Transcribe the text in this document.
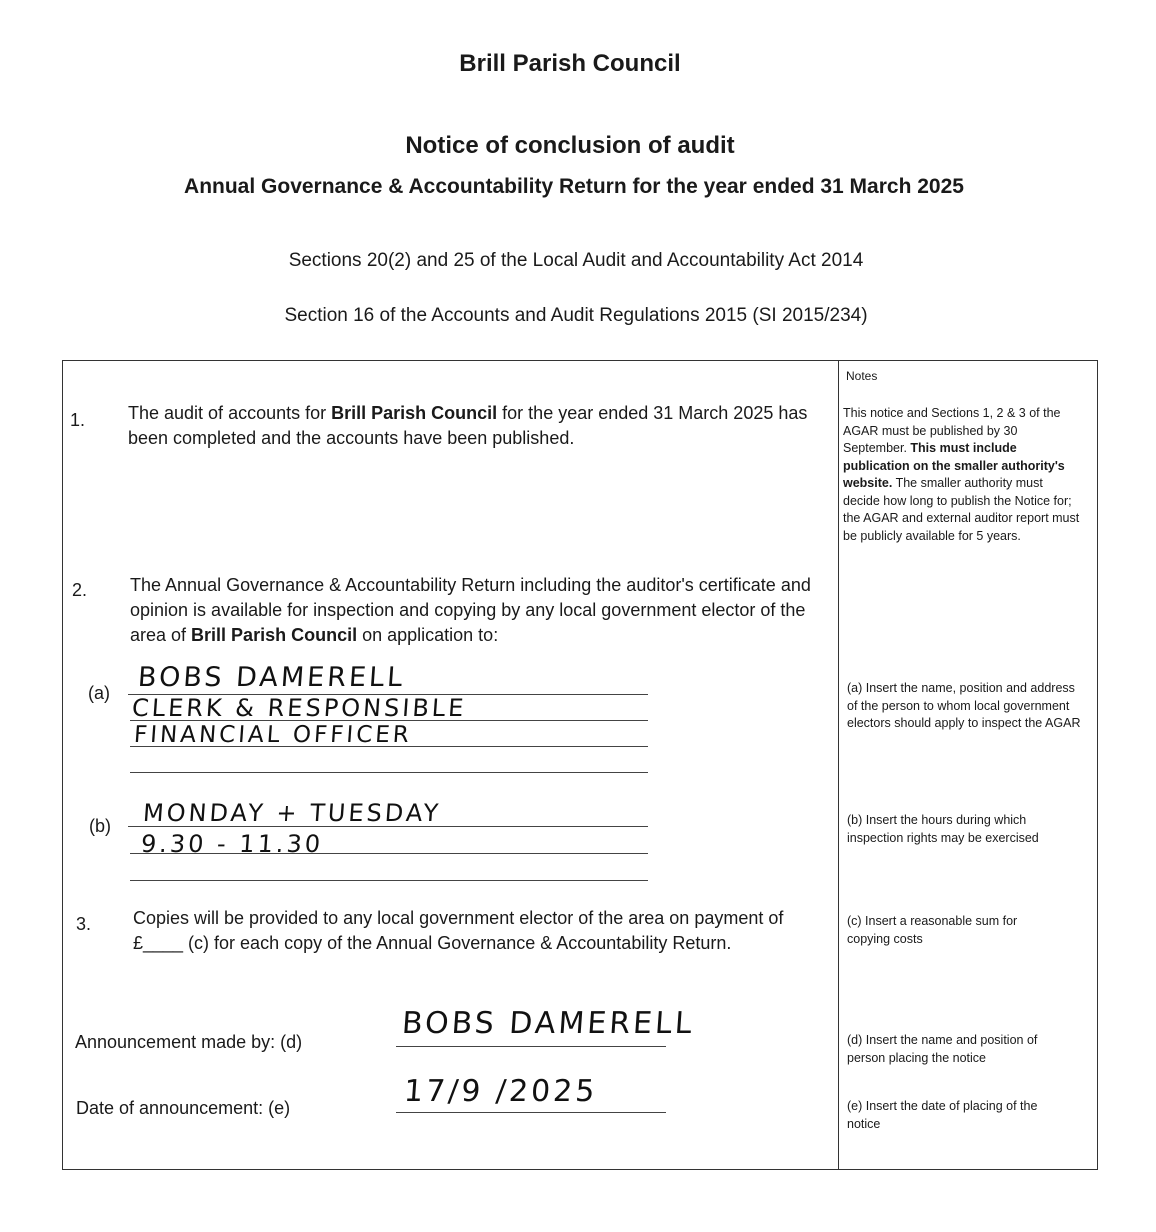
Brill Parish Council
Notice of conclusion of audit
Annual Governance & Accountability Return for the year ended 31 March 2025
Sections 20(2) and 25 of the Local Audit and Accountability Act 2014
Section 16 of the Accounts and Audit Regulations 2015 (SI 2015/234)
Notes
This notice and Sections 1, 2 & 3 of the AGAR must be published by 30 September. This must include publication on the smaller authority's website. The smaller authority must decide how long to publish the Notice for; the AGAR and external auditor report must be publicly available for 5 years.
(a) Insert the name, position and address of the person to whom local government electors should apply to inspect the AGAR
(b) Insert the hours during which inspection rights may be exercised
(c) Insert a reasonable sum for copying costs
(d) Insert the name and position of person placing the notice
(e) Insert the date of placing of the notice
1. The audit of accounts for Brill Parish Council for the year ended 31 March 2025 has been completed and the accounts have been published.
2. The Annual Governance & Accountability Return including the auditor's certificate and opinion is available for inspection and copying by any local government elector of the area of Brill Parish Council on application to:
(a) BOBS DAMERELL
CLERK & RESPONSIBLE
FINANCIAL OFFICER
(b) MONDAY + TUESDAY
9.30 - 11.30
3. Copies will be provided to any local government elector of the area on payment of £____ (c) for each copy of the Annual Governance & Accountability Return.
Announcement made by: (d)
BOBS DAMERELL
Date of announcement: (e)	17/9 /2025
